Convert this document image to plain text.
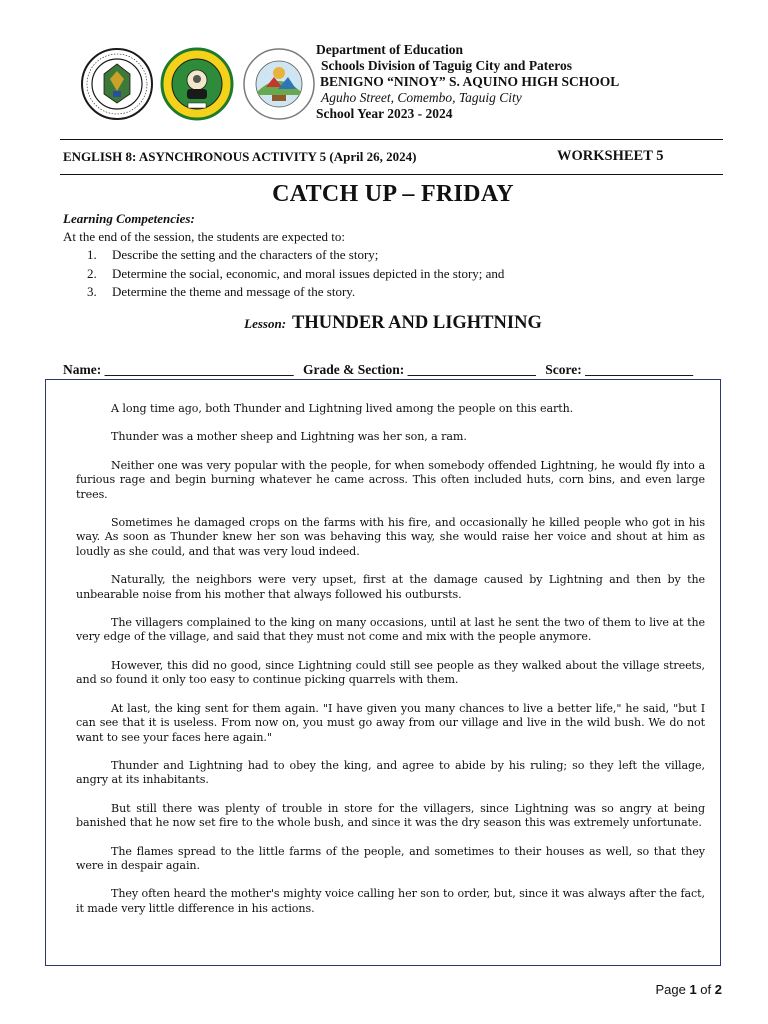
Department of Education
Schools Division of Taguig City and Pateros
BENIGNO “NINOY” S. AQUINO HIGH SCHOOL
Aguho Street, Comembo, Taguig City
School Year 2023 - 2024
ENGLISH 8: ASYNCHRONOUS ACTIVITY 5 (April 26, 2024)	WORKSHEET 5
CATCH UP – FRIDAY
Learning Competencies:
At the end of the session, the students are expected to:
1.	Describe the setting and the characters of the story;
2.	Determine the social, economic, and moral issues depicted in the story; and
3.	Determine the theme and message of the story.
Lesson: THUNDER AND LIGHTNING
Name: ____________________________ Grade & Section: ___________________ Score: ________________

A long time ago, both Thunder and Lightning lived among the people on this earth.

Thunder was a mother sheep and Lightning was her son, a ram.

Neither one was very popular with the people, for when somebody offended Lightning, he would fly into a furious rage and begin burning whatever he came across. This often included huts, corn bins, and even large trees.

Sometimes he damaged crops on the farms with his fire, and occasionally he killed people who got in his way. As soon as Thunder knew her son was behaving this way, she would raise her voice and shout at him as loudly as she could, and that was very loud indeed.

Naturally, the neighbors were very upset, first at the damage caused by Lightning and then by the unbearable noise from his mother that always followed his outbursts.

The villagers complained to the king on many occasions, until at last he sent the two of them to live at the very edge of the village, and said that they must not come and mix with the people anymore.

However, this did no good, since Lightning could still see people as they walked about the village streets, and so found it only too easy to continue picking quarrels with them.

At last, the king sent for them again. "I have given you many chances to live a better life," he said, "but I can see that it is useless. From now on, you must go away from our village and live in the wild bush. We do not want to see your faces here again."

Thunder and Lightning had to obey the king, and agree to abide by his ruling; so they left the village, angry at its inhabitants.

But still there was plenty of trouble in store for the villagers, since Lightning was so angry at being banished that he now set fire to the whole bush, and since it was the dry season this was extremely unfortunate.

The flames spread to the little farms of the people, and sometimes to their houses as well, so that they were in despair again.

They often heard the mother's mighty voice calling her son to order, but, since it was always after the fact, it made very little difference in his actions.

Page 1 of 2
